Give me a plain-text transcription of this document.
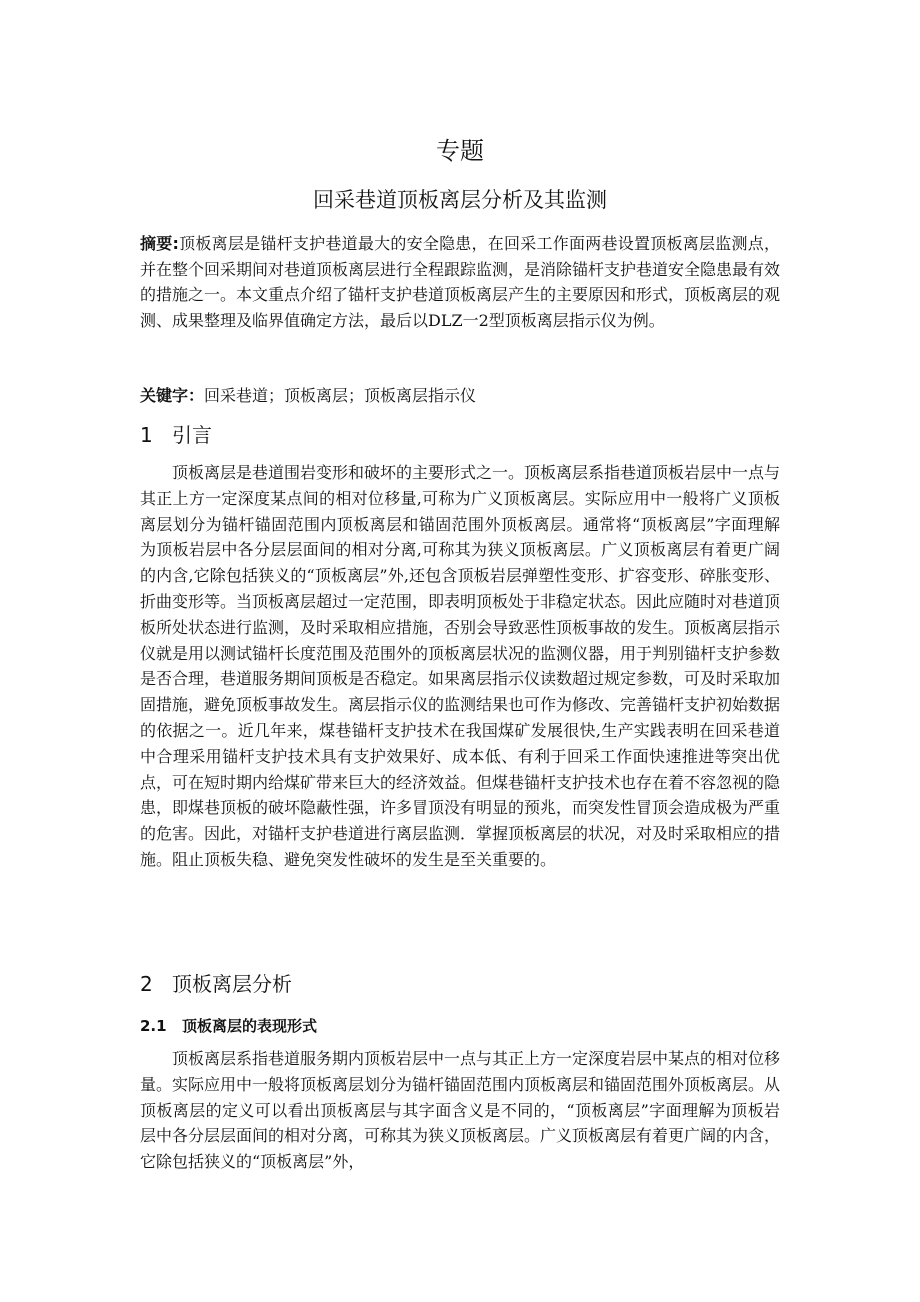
专题
回采巷道顶板离层分析及其监测
摘要:顶板离层是锚杆支护巷道最大的安全隐患，在回采工作面两巷设置顶板离层监测点，并在整个回采期间对巷道顶板离层进行全程跟踪监测，是消除锚杆支护巷道安全隐患最有效的措施之一。本文重点介绍了锚杆支护巷道顶板离层产生的主要原因和形式，顶板离层的观测、成果整理及临界值确定方法，最后以DLZ一2型顶板离层指示仪为例。
关键字：回采巷道；顶板离层；顶板离层指示仪
1 引言
顶板离层是巷道围岩变形和破坏的主要形式之一。顶板离层系指巷道顶板岩层中一点与其正上方一定深度某点间的相对位移量,可称为广义顶板离层。实际应用中一般将广义顶板离层划分为锚杆锚固范围内顶板离层和锚固范围外顶板离层。通常将“顶板离层”字面理解为顶板岩层中各分层层面间的相对分离,可称其为狭义顶板离层。广义顶板离层有着更广阔的内含,它除包括狭义的“顶板离层”外,还包含顶板岩层弹塑性变形、扩容变形、碎胀变形、折曲变形等。当顶板离层超过一定范围，即表明顶板处于非稳定状态。因此应随时对巷道顶板所处状态进行监测，及时采取相应措施，否别会导致恶性顶板事故的发生。顶板离层指示仪就是用以测试锚杆长度范围及范围外的顶板离层状况的监测仪器，用于判别锚杆支护参数是否合理，巷道服务期间顶板是否稳定。如果离层指示仪读数超过规定参数，可及时采取加固措施，避免顶板事故发生。离层指示仪的监测结果也可作为修改、完善锚杆支护初始数据的依据之一。近几年来，煤巷锚杆支护技术在我国煤矿发展很快,生产实践表明在回采巷道中合理采用锚杆支护技术具有支护效果好、成本低、有利于回采工作面快速推进等突出优点，可在短时期内给煤矿带来巨大的经济效益。但煤巷锚杆支护技术也存在着不容忽视的隐患，即煤巷顶板的破坏隐蔽性强，许多冒顶没有明显的预兆，而突发性冒顶会造成极为严重的危害。因此，对锚杆支护巷道进行离层监测．掌握顶板离层的状况，对及时采取相应的措施。阻止顶板失稳、避免突发性破坏的发生是至关重要的。
2 顶板离层分析
2.1 顶板离层的表现形式
顶板离层系指巷道服务期内顶板岩层中一点与其正上方一定深度岩层中某点的相对位移量。实际应用中一般将顶板离层划分为锚杆锚固范围内顶板离层和锚固范围外顶板离层。从顶板离层的定义可以看出顶板离层与其字面含义是不同的，“顶板离层”字面理解为顶板岩层中各分层层面间的相对分离，可称其为狭义顶板离层。广义顶板离层有着更广阔的内含，它除包括狭义的“顶板离层”外，
